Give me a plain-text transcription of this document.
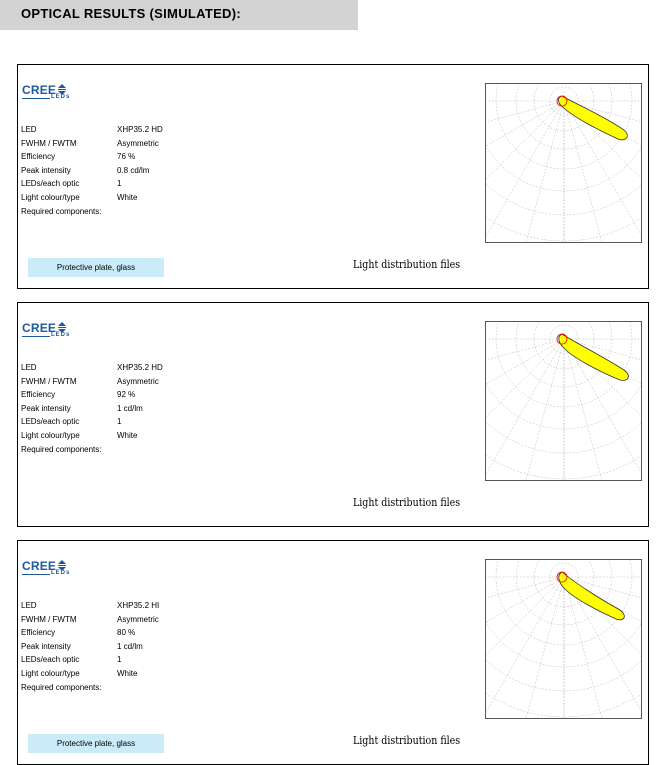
OPTICAL RESULTS (SIMULATED):
CREE
LEDs
LED	XHP35.2 HD
FWHM / FWTM	Asymmetric
Efficiency	76 %
Peak intensity	0.8 cd/lm
LEDs/each optic	1
Light colour/type	White
Required components:
Protective plate, glass	Light distribution files
CREE
LEDs
LED	XHP35.2 HD
FWHM / FWTM	Asymmetric
Efficiency	92 %
Peak intensity	1 cd/lm
LEDs/each optic	1
Light colour/type	White
Required components:
Light distribution files
CREE
LEDs
LED	XHP35.2 HI
FWHM / FWTM	Asymmetric
Efficiency	80 %
Peak intensity	1 cd/lm
LEDs/each optic	1
Light colour/type	White
Required components:
Protective plate, glass	Light distribution files
